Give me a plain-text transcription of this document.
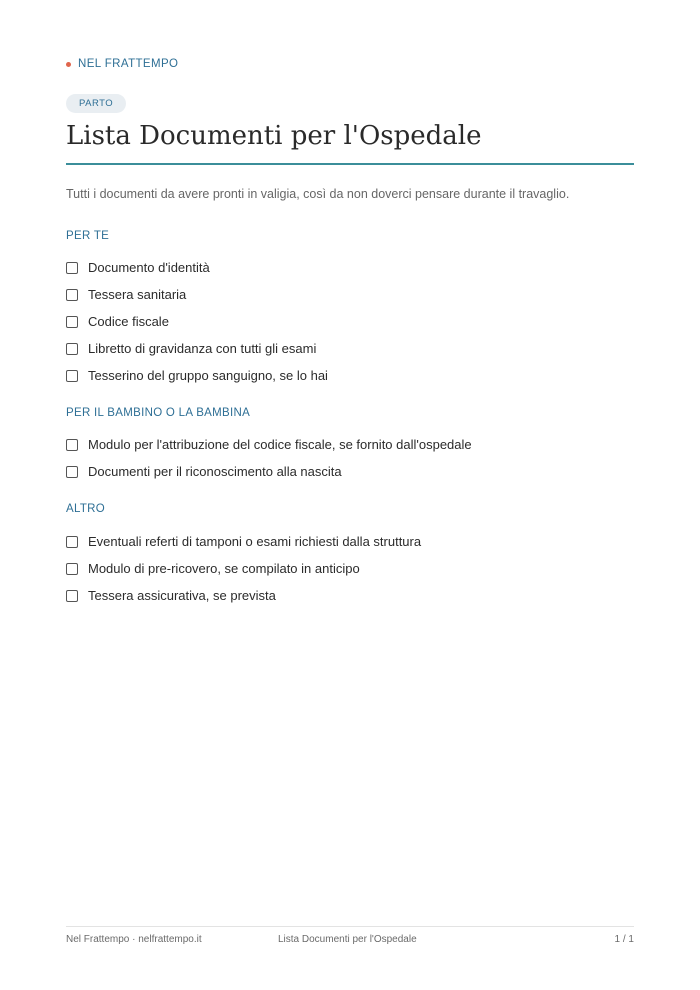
NEL FRATTEMPO
PARTO
Lista Documenti per l'Ospedale
Tutti i documenti da avere pronti in valigia, così da non doverci pensare durante il travaglio.
PER TE
Documento d'identità
Tessera sanitaria
Codice fiscale
Libretto di gravidanza con tutti gli esami
Tesserino del gruppo sanguigno, se lo hai
PER IL BAMBINO O LA BAMBINA
Modulo per l'attribuzione del codice fiscale, se fornito dall'ospedale
Documenti per il riconoscimento alla nascita
ALTRO
Eventuali referti di tamponi o esami richiesti dalla struttura
Modulo di pre-ricovero, se compilato in anticipo
Tessera assicurativa, se prevista
Nel Frattempo · nelfrattempo.it	Lista Documenti per l'Ospedale	1 / 1
